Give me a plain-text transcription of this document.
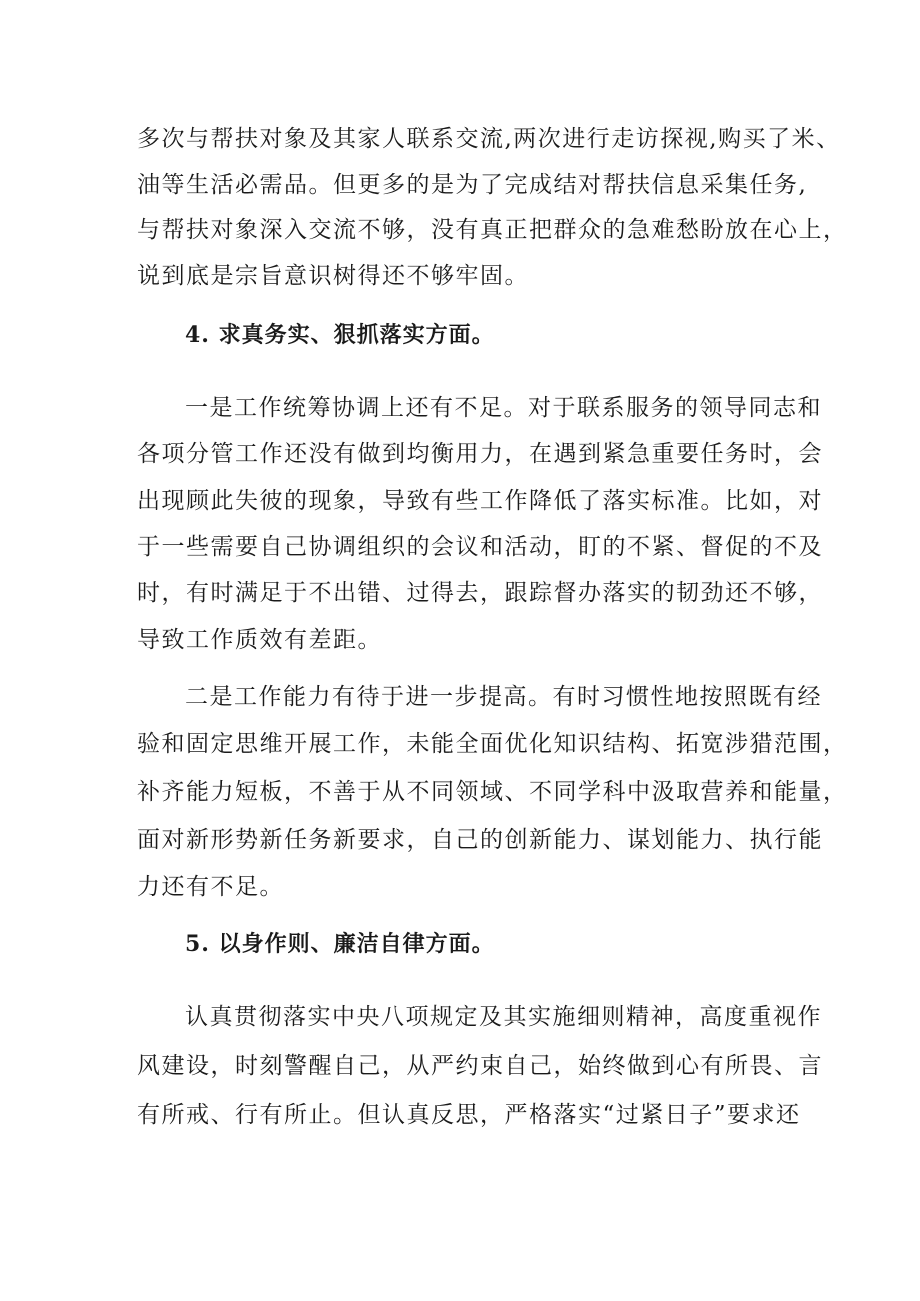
多次与帮扶对象及其家人联系交流,两次进行走访探视,购买了米、

油等生活必需品。但更多的是为了完成结对帮扶信息采集任务,

与帮扶对象深入交流不够，没有真正把群众的急难愁盼放在心上，

说到底是宗旨意识树得还不够牢固。

4. 求真务实、狠抓落实方面。

一是工作统筹协调上还有不足。对于联系服务的领导同志和

各项分管工作还没有做到均衡用力，在遇到紧急重要任务时，会

出现顾此失彼的现象，导致有些工作降低了落实标准。比如，对

于一些需要自己协调组织的会议和活动，盯的不紧、督促的不及

时，有时满足于不出错、过得去，跟踪督办落实的韧劲还不够，

导致工作质效有差距。

二是工作能力有待于进一步提高。有时习惯性地按照既有经

验和固定思维开展工作，未能全面优化知识结构、拓宽涉猎范围，

补齐能力短板，不善于从不同领域、不同学科中汲取营养和能量，

面对新形势新任务新要求，自己的创新能力、谋划能力、执行能

力还有不足。

5. 以身作则、廉洁自律方面。

认真贯彻落实中央八项规定及其实施细则精神，高度重视作

风建设，时刻警醒自己，从严约束自己，始终做到心有所畏、言

有所戒、行有所止。但认真反思，严格落实“过紧日子”要求还
